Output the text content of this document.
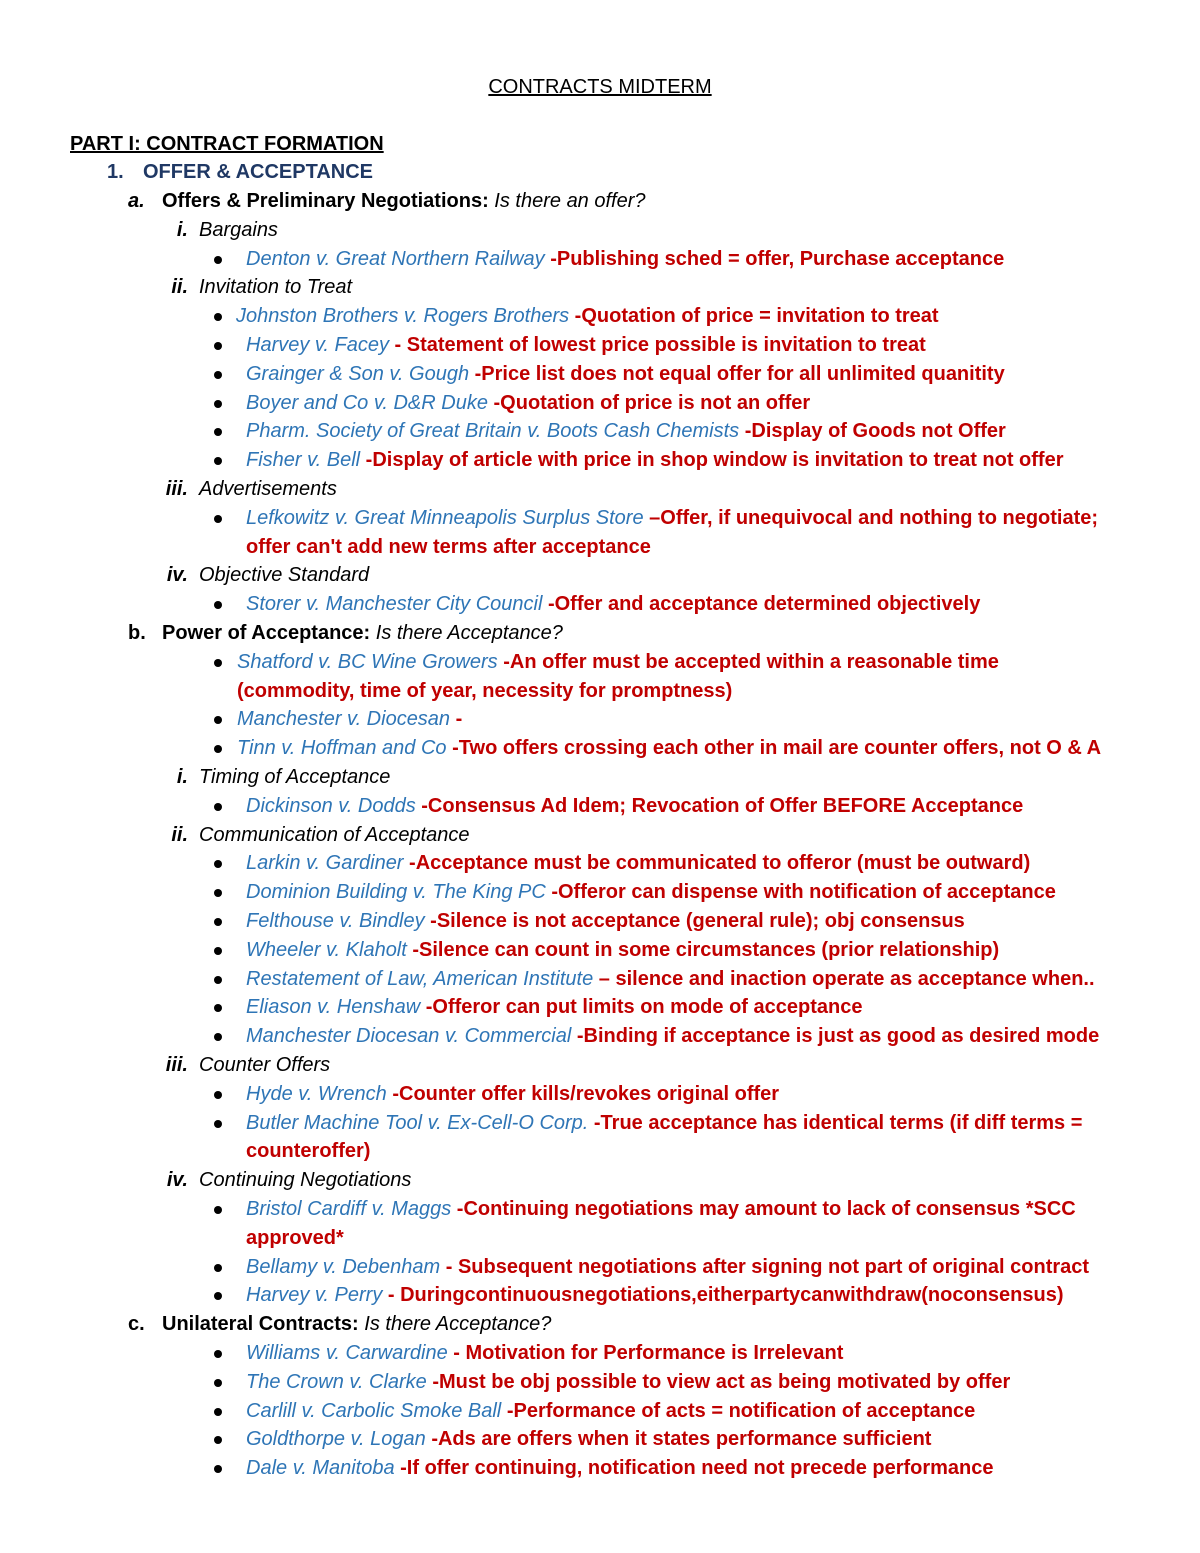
CONTRACTS MIDTERM
PART I: CONTRACT FORMATION
1. OFFER & ACCEPTANCE
a. Offers & Preliminary Negotiations: Is there an offer?
i. Bargains
Denton v. Great Northern Railway -Publishing sched = offer, Purchase acceptance
ii. Invitation to Treat
Johnston Brothers v. Rogers Brothers -Quotation of price = invitation to treat
Harvey v. Facey - Statement of lowest price possible is invitation to treat
Grainger & Son v. Gough -Price list does not equal offer for all unlimited quanitity
Boyer and Co v. D&R Duke -Quotation of price is not an offer
Pharm. Society of Great Britain v. Boots Cash Chemists -Display of Goods not Offer
Fisher v. Bell -Display of article with price in shop window is invitation to treat not offer
iii. Advertisements
Lefkowitz v. Great Minneapolis Surplus Store –Offer, if unequivocal and nothing to negotiate;
offer can't add new terms after acceptance
iv. Objective Standard
Storer v. Manchester City Council -Offer and acceptance determined objectively
b. Power of Acceptance: Is there Acceptance?
Shatford v. BC Wine Growers -An offer must be accepted within a reasonable time
(commodity, time of year, necessity for promptness)
Manchester v. Diocesan -
Tinn v. Hoffman and Co -Two offers crossing each other in mail are counter offers, not O & A
i. Timing of Acceptance
Dickinson v. Dodds -Consensus Ad Idem; Revocation of Offer BEFORE Acceptance
ii. Communication of Acceptance
Larkin v. Gardiner -Acceptance must be communicated to offeror (must be outward)
Dominion Building v. The King PC -Offeror can dispense with notification of acceptance
Felthouse v. Bindley -Silence is not acceptance (general rule); obj consensus
Wheeler v. Klaholt -Silence can count in some circumstances (prior relationship)
Restatement of Law, American Institute – silence and inaction operate as acceptance when..
Eliason v. Henshaw -Offeror can put limits on mode of acceptance
Manchester Diocesan v. Commercial -Binding if acceptance is just as good as desired mode
iii. Counter Offers
Hyde v. Wrench -Counter offer kills/revokes original offer
Butler Machine Tool v. Ex-Cell-O Corp. -True acceptance has identical terms (if diff terms =
counteroffer)
iv. Continuing Negotiations
Bristol Cardiff v. Maggs -Continuing negotiations may amount to lack of consensus *SCC
approved*
Bellamy v. Debenham - Subsequent negotiations after signing not part of original contract
Harvey v. Perry - Duringcontinuousnegotiations,eitherpartycanwithdraw(noconsensus)
c. Unilateral Contracts: Is there Acceptance?
Williams v. Carwardine - Motivation for Performance is Irrelevant
The Crown v. Clarke -Must be obj possible to view act as being motivated by offer
Carlill v. Carbolic Smoke Ball -Performance of acts = notification of acceptance
Goldthorpe v. Logan -Ads are offers when it states performance sufficient
Dale v. Manitoba -If offer continuing, notification need not precede performance
